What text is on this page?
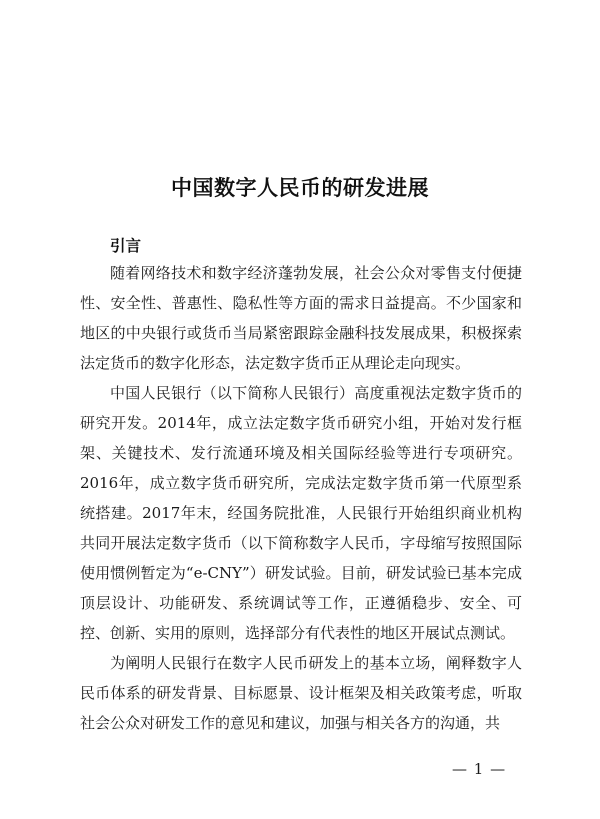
中国数字人民币的研发进展
引言

随着网络技术和数字经济蓬勃发展，社会公众对零售支付便捷性、安全性、普惠性、隐私性等方面的需求日益提高。不少国家和地区的中央银行或货币当局紧密跟踪金融科技发展成果，积极探索法定货币的数字化形态，法定数字货币正从理论走向现实。

中国人民银行（以下简称人民银行）高度重视法定数字货币的研究开发。2014年，成立法定数字货币研究小组，开始对发行框架、关键技术、发行流通环境及相关国际经验等进行专项研究。2016年，成立数字货币研究所，完成法定数字货币第一代原型系统搭建。2017年末，经国务院批准，人民银行开始组织商业机构共同开展法定数字货币（以下简称数字人民币，字母缩写按照国际使用惯例暂定为“e-CNY”）研发试验。目前，研发试验已基本完成顶层设计、功能研发、系统调试等工作，正遵循稳步、安全、可控、创新、实用的原则，选择部分有代表性的地区开展试点测试。

为阐明人民银行在数字人民币研发上的基本立场，阐释数字人民币体系的研发背景、目标愿景、设计框架及相关政策考虑，听取社会公众对研发工作的意见和建议，加强与相关各方的沟通，共

— 1 —
